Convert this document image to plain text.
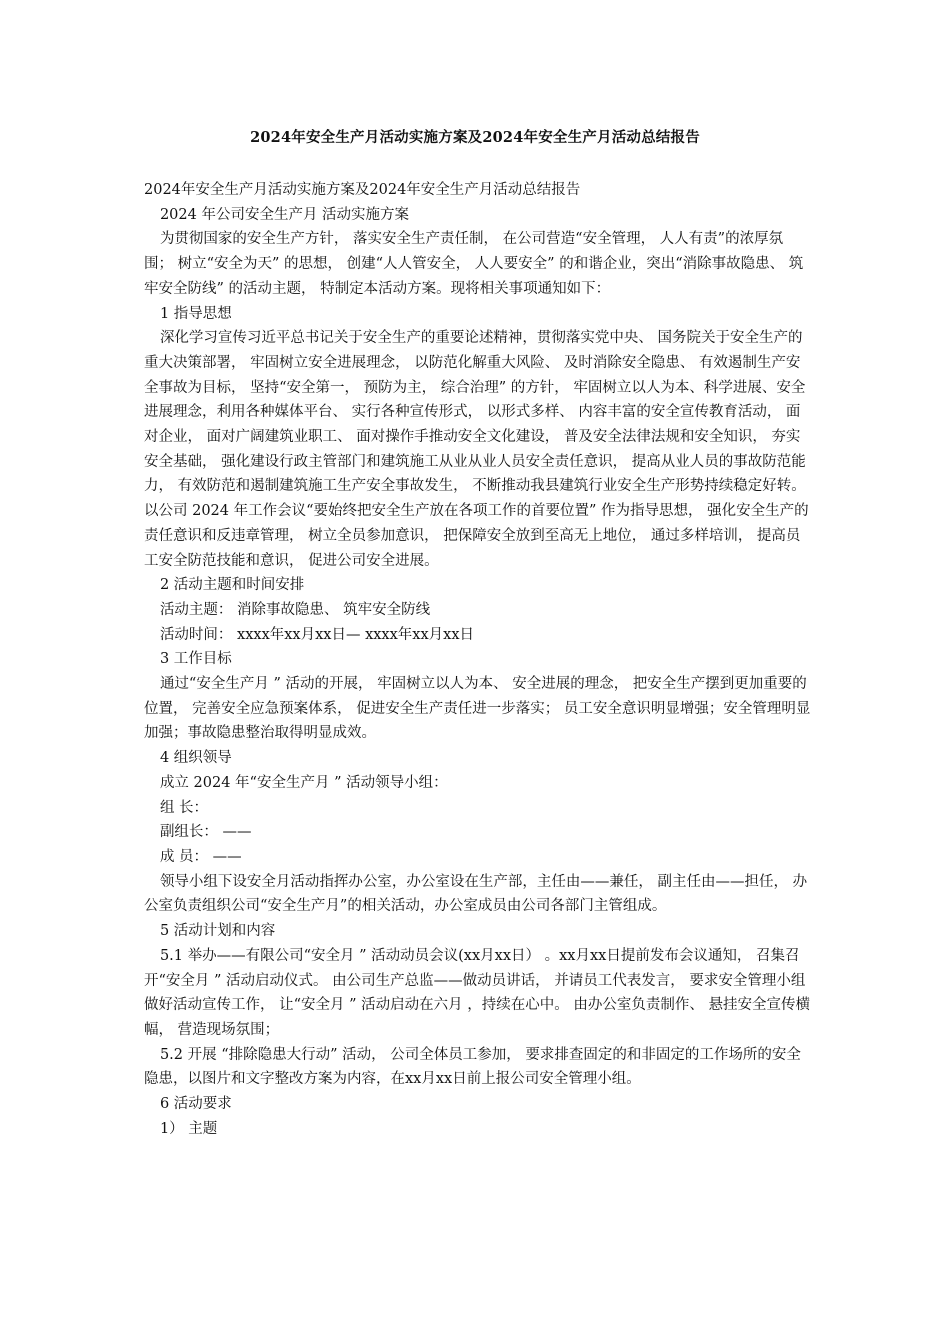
2024年安全生产月活动实施方案及2024年安全生产月活动总结报告

2024年安全生产月活动实施方案及2024年安全生产月活动总结报告

2024 年公司安全生产月 活动实施方案

为贯彻国家的安全生产方针， 落实安全生产责任制， 在公司营造“安全管理， 人人有责”的浓厚氛围； 树立“安全为天” 的思想， 创建“人人管安全， 人人要安全” 的和谐企业，突出“消除事故隐患、 筑牢安全防线” 的活动主题， 特制定本活动方案。现将相关事项通知如下：

1 指导思想

深化学习宣传习近平总书记关于安全生产的重要论述精神，贯彻落实党中央、 国务院关于安全生产的重大决策部署， 牢固树立安全进展理念， 以防范化解重大风险、 及时消除安全隐患、 有效遏制生产安全事故为目标， 坚持“安全第一， 预防为主， 综合治理” 的方针， 牢固树立以人为本、科学进展、安全进展理念，利用各种媒体平台、 实行各种宣传形式， 以形式多样、 内容丰富的安全宣传教育活动， 面对企业， 面对广阔建筑业职工、 面对操作手推动安全文化建设， 普及安全法律法规和安全知识， 夯实安全基础， 强化建设行政主管部门和建筑施工从业从业人员安全责任意识， 提高从业人员的事故防范能力， 有效防范和遏制建筑施工生产安全事故发生， 不断推动我县建筑行业安全生产形势持续稳定好转。 以公司 2024 年工作会议“要始终把安全生产放在各项工作的首要位置” 作为指导思想， 强化安全生产的责任意识和反违章管理， 树立全员参加意识， 把保障安全放到至高无上地位， 通过多样培训， 提高员工安全防范技能和意识， 促进公司安全进展。

2 活动主题和时间安排

活动主题： 消除事故隐患、 筑牢安全防线

活动时间： xxxx年xx月xx日— xxxx年xx月xx日

3 工作目标

通过“安全生产月 ” 活动的开展， 牢固树立以人为本、 安全进展的理念， 把安全生产摆到更加重要的位置， 完善安全应急预案体系， 促进安全生产责任进一步落实； 员工安全意识明显增强；安全管理明显加强；事故隐患整治取得明显成效。

4 组织领导

成立 2024 年“安全生产月 ” 活动领导小组：

组 长：

副组长： ——

成 员： ——

领导小组下设安全月活动指挥办公室，办公室设在生产部，主任由——兼任， 副主任由——担任， 办公室负责组织公司“安全生产月”的相关活动，办公室成员由公司各部门主管组成。

5 活动计划和内容

5.1 举办——有限公司“安全月 ” 活动动员会议(xx月xx日） 。xx月xx日提前发布会议通知， 召集召开“安全月 ” 活动启动仪式。 由公司生产总监——做动员讲话， 并请员工代表发言， 要求安全管理小组做好活动宣传工作， 让“安全月 ” 活动启动在六月 ，持续在心中。 由办公室负责制作、 悬挂安全宣传横幅， 营造现场氛围；

5.2 开展 “排除隐患大行动” 活动， 公司全体员工参加， 要求排查固定的和非固定的工作场所的安全隐患，以图片和文字整改方案为内容，在xx月xx日前上报公司安全管理小组。

6 活动要求

1） 主题
